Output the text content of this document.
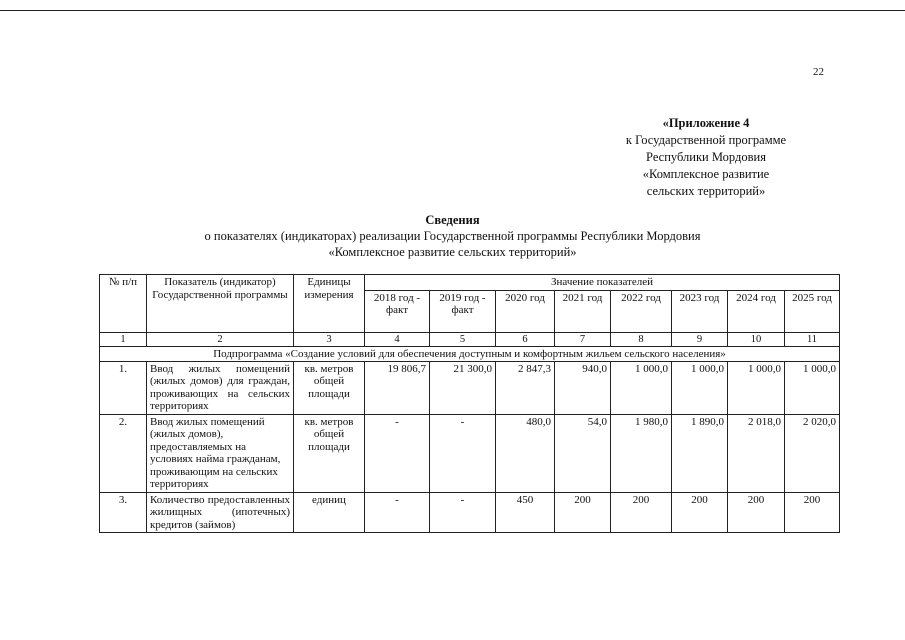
22
«Приложение 4
к Государственной программе
Республики Мордовия
«Комплексное развитие
сельских территорий»
Сведения
о показателях (индикаторах) реализации Государственной программы Республики Мордовия
«Комплексное развитие сельских территорий»
№ п/п	Показатель (индикатор) Государственной программы	Единицы измерения	Значение показателей							
			2018 год - факт	2019 год - факт	2020 год	2021 год	2022 год	2023 год	2024 год	2025 год
1	2	3	4	5	6	7	8	9	10	11
Подпрограмма «Создание условий для обеспечения доступным и комфортным жильем сельского населения»										
1.	Ввод жилых помещений (жилых домов) для граждан, проживающих на сельских территориях	кв. метров общей площади	19 806,7	21 300,0	2 847,3	940,0	1 000,0	1 000,0	1 000,0	1 000,0
2.	Ввод жилых помещений (жилых домов), предоставляемых на условиях найма гражданам, проживающим на сельских территориях	кв. метров общей площади	-	-	480,0	54,0	1 980,0	1 890,0	2 018,0	2 020,0
3.	Количество предоставленных жилищных (ипотечных) кредитов (займов)	единиц	-	-	450	200	200	200	200	200
